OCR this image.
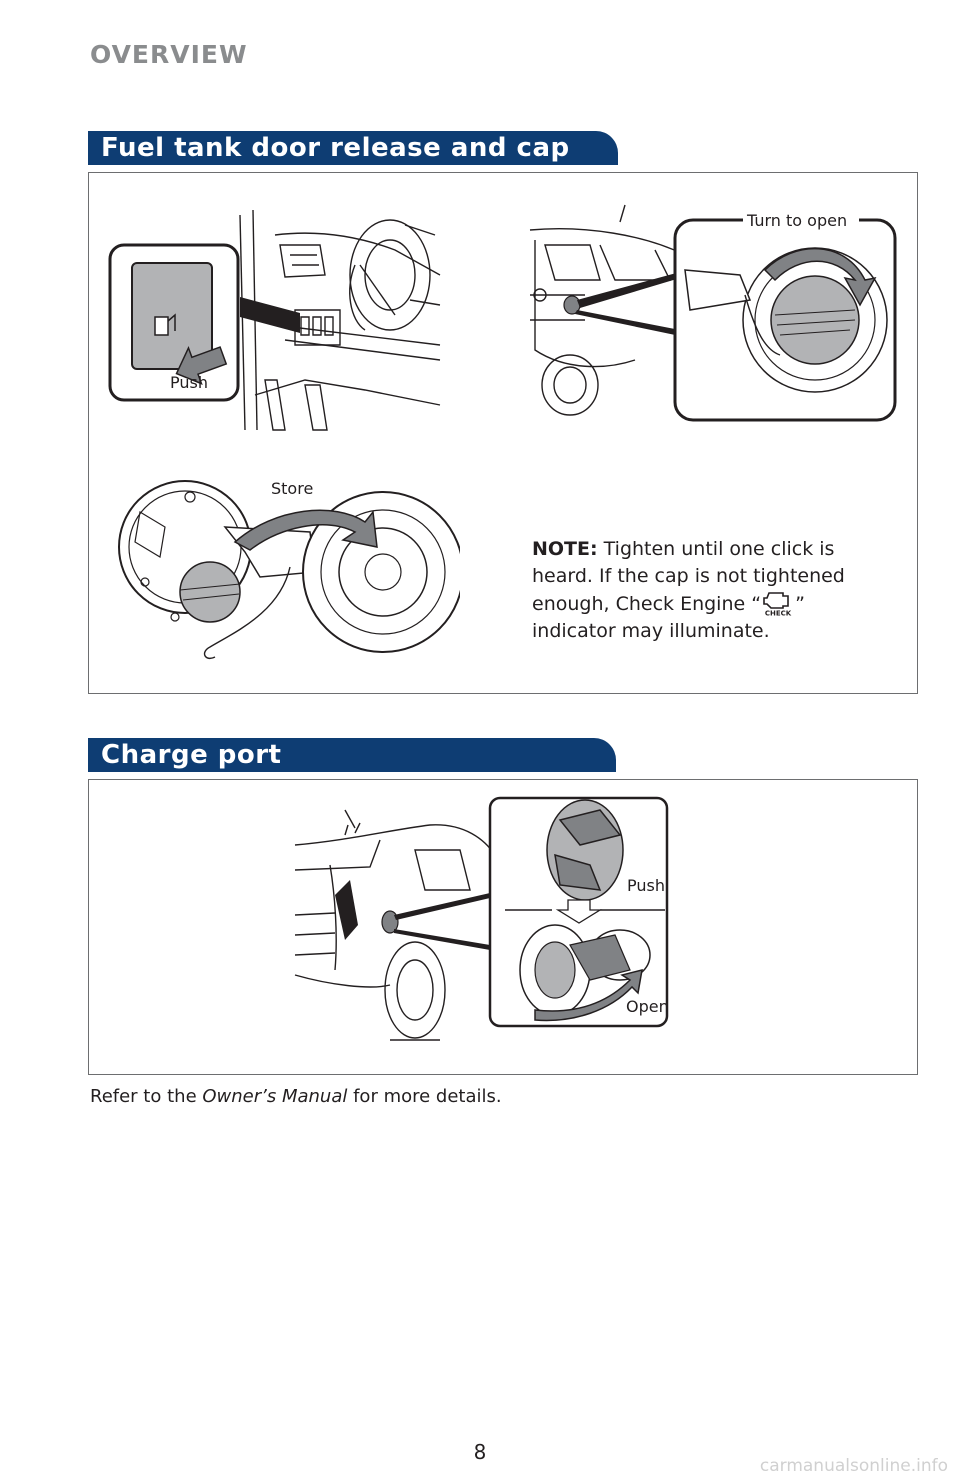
OVERVIEW
Fuel tank door release and cap
Push
Turn to open
Store
NOTE: Tighten until one click is
heard. If the cap is not tightened
enough, Check Engine “ CHECK ”
indicator may illuminate.
Charge port
Push
Open
Refer to the Owner’s Manual for more details.
8
carmanualsonline.info
